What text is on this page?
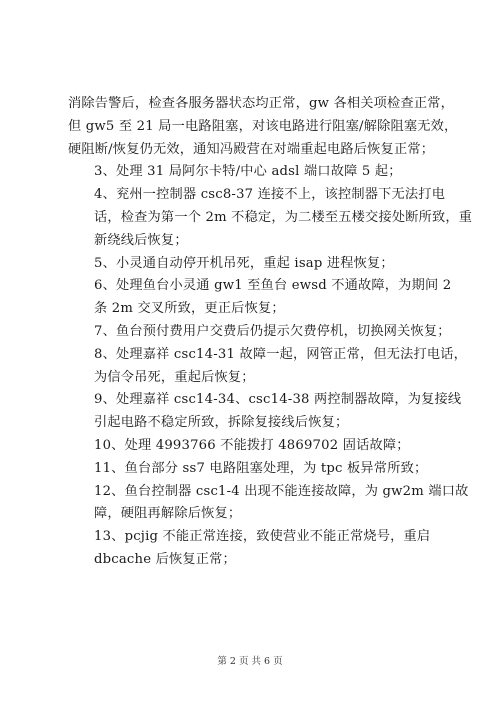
消除告警后，检查各服务器状态均正常，gw 各相关项检查正常，
但 gw5 至 21 局一电路阻塞，对该电路进行阻塞/解除阻塞无效，
硬阻断/恢复仍无效，通知冯殿营在对端重起电路后恢复正常；
3、处理 31 局阿尔卡特/中心 adsl 端口故障 5 起；
4、兖州一控制器 csc8-37 连接不上，该控制器下无法打电
话，检查为第一个 2m 不稳定，为二楼至五楼交接处断所致，重
新绕线后恢复；
5、小灵通自动停开机吊死，重起 isap 进程恢复；
6、处理鱼台小灵通 gw1 至鱼台 ewsd 不通故障，为期间 2
条 2m 交叉所致，更正后恢复；
7、鱼台预付费用户交费后仍提示欠费停机，切换网关恢复；
8、处理嘉祥 csc14-31 故障一起，网管正常，但无法打电话，
为信令吊死，重起后恢复；
9、处理嘉祥 csc14-34、csc14-38 两控制器故障，为复接线
引起电路不稳定所致，拆除复接线后恢复；
10、处理 4993766 不能拨打 4869702 固话故障；
11、鱼台部分 ss7 电路阻塞处理，为 tpc 板异常所致；
12、鱼台控制器 csc1-4 出现不能连接故障，为 gw2m 端口故
障，硬阻再解除后恢复；
13、pcjig 不能正常连接，致使营业不能正常烧号，重启
dbcache 后恢复正常；
第 2 页 共 6 页
